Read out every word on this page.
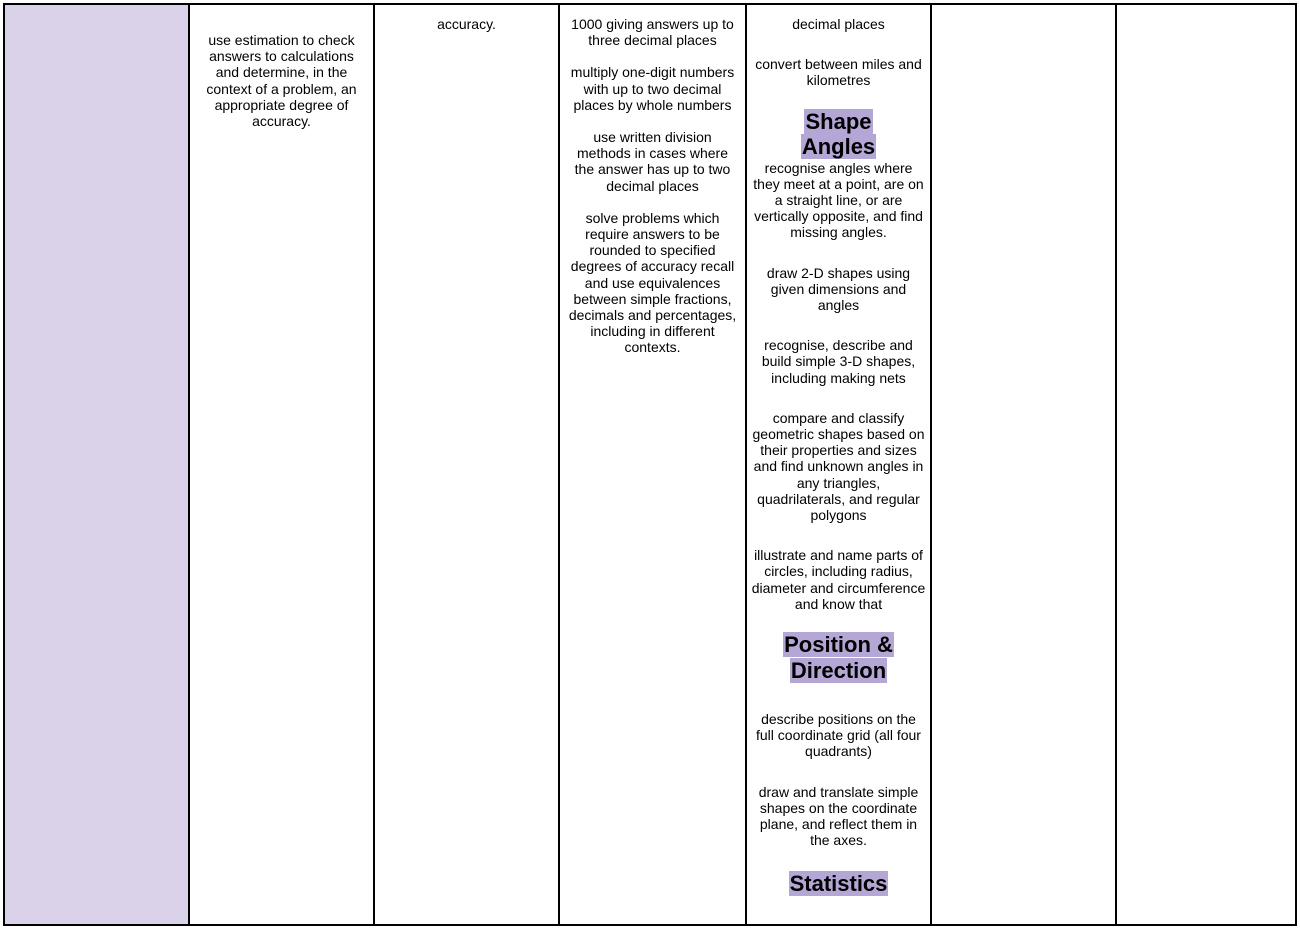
use estimation to check answers to calculations and determine, in the context of a problem, an appropriate degree of accuracy.

accuracy.	1000 giving answers up to three decimal places

multiply one-digit numbers with up to two decimal places by whole numbers

use written division methods in cases where the answer has up to two decimal places

solve problems which require answers to be rounded to specified degrees of accuracy recall and use equivalences between simple fractions, decimals and percentages, including in different contexts.

decimal places

convert between miles and kilometres

Shape

Angles

recognise angles where they meet at a point, are on a straight line, or are vertically opposite, and find missing angles.

draw 2-D shapes using given dimensions and angles

recognise, describe and build simple 3-D shapes, including making nets

compare and classify geometric shapes based on their properties and sizes and find unknown angles in any triangles, quadrilaterals, and regular polygons

illustrate and name parts of circles, including radius, diameter and circumference and know that

Position &

Direction

describe positions on the full coordinate grid (all four quadrants)

draw and translate simple shapes on the coordinate plane, and reflect them in the axes.

Statistics
